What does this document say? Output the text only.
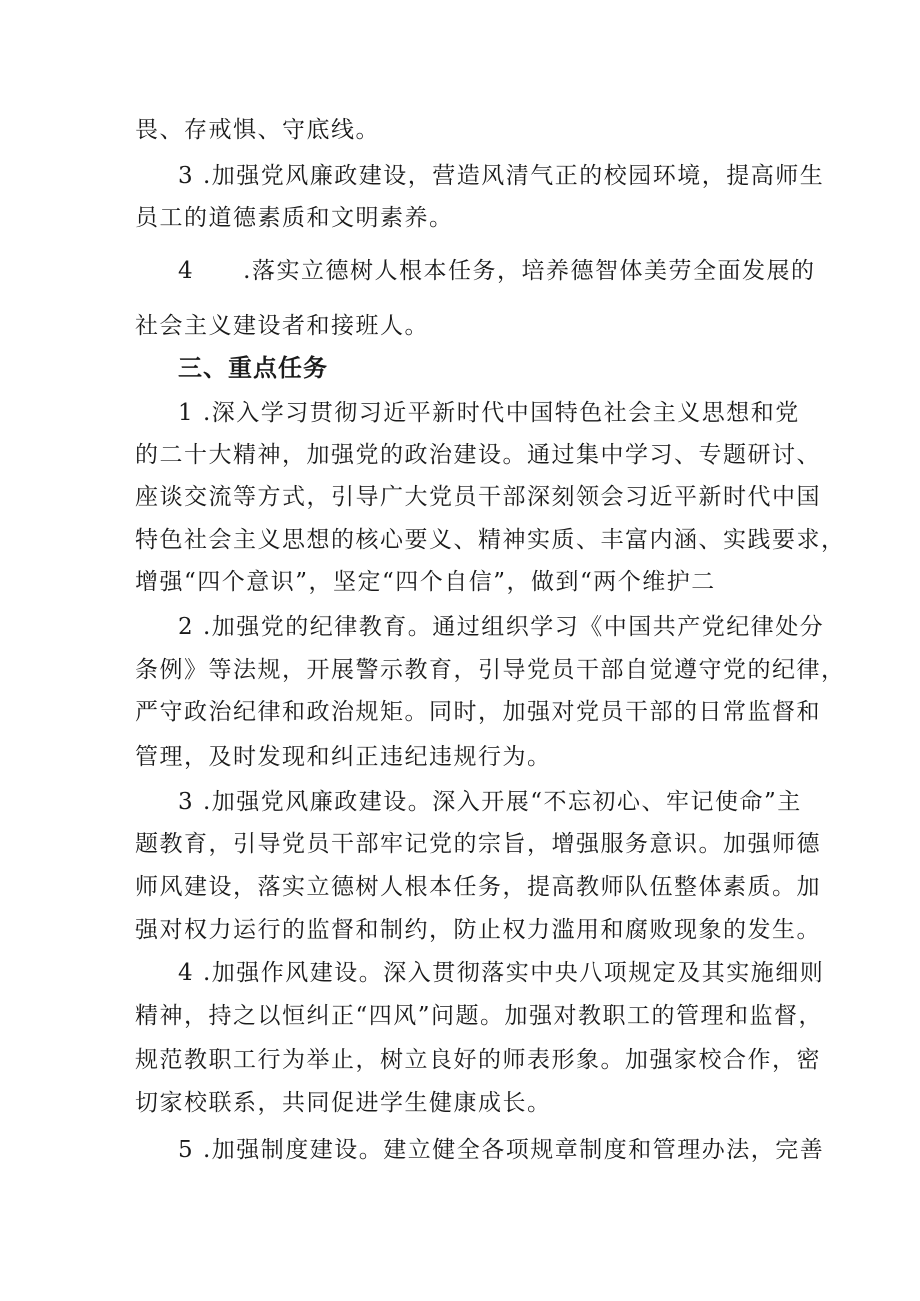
畏、存戒惧、守底线。
3 .加强党风廉政建设，营造风清气正的校园环境，提高师生
员工的道德素质和文明素养。
4　　.落实立德树人根本任务，培养德智体美劳全面发展的
社会主义建设者和接班人。
三、重点任务
1 .深入学习贯彻习近平新时代中国特色社会主义思想和党
的二十大精神，加强党的政治建设。通过集中学习、专题研讨、
座谈交流等方式，引导广大党员干部深刻领会习近平新时代中国
特色社会主义思想的核心要义、精神实质、丰富内涵、实践要求，
增强“四个意识”，坚定“四个自信”，做到“两个维护二
2 .加强党的纪律教育。通过组织学习《中国共产党纪律处分
条例》等法规，开展警示教育，引导党员干部自觉遵守党的纪律，
严守政治纪律和政治规矩。同时，加强对党员干部的日常监督和
管理，及时发现和纠正违纪违规行为。
3 .加强党风廉政建设。深入开展“不忘初心、牢记使命”主
题教育，引导党员干部牢记党的宗旨，增强服务意识。加强师德
师风建设，落实立德树人根本任务，提高教师队伍整体素质。加
强对权力运行的监督和制约，防止权力滥用和腐败现象的发生。
4 .加强作风建设。深入贯彻落实中央八项规定及其实施细则
精神，持之以恒纠正“四风”问题。加强对教职工的管理和监督，
规范教职工行为举止，树立良好的师表形象。加强家校合作，密
切家校联系，共同促进学生健康成长。
5 .加强制度建设。建立健全各项规章制度和管理办法，完善
